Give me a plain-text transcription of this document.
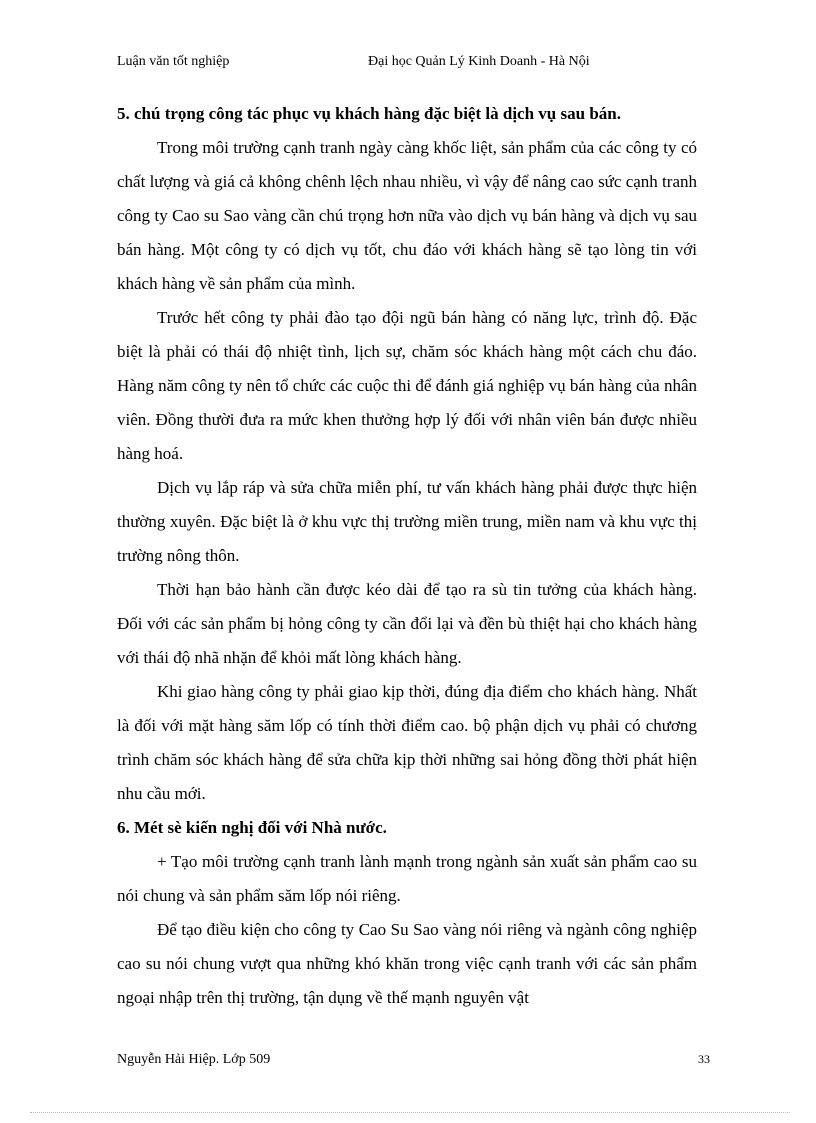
Luận văn tốt nghiệp	Đại học Quản Lý Kinh Doanh - Hà Nội
5. chú trọng công tác phục vụ khách hàng đặc biệt là dịch vụ sau bán.

Trong môi trường cạnh tranh ngày càng khốc liệt, sản phẩm của các công ty có chất lượng và giá cả không chênh lệch nhau nhiều, vì vậy để nâng cao sức cạnh tranh công ty Cao su Sao vàng cần chú trọng hơn nữa vào dịch vụ bán hàng và dịch vụ sau bán hàng. Một công ty có dịch vụ tốt, chu đáo với khách hàng sẽ tạo lòng tin với khách hàng về sản phẩm của mình.

Trước hết công ty phải đào tạo đội ngũ bán hàng có năng lực, trình độ. Đặc biệt là phải có thái độ nhiệt tình, lịch sự, chăm sóc khách hàng một cách chu đáo. Hàng năm công ty nên tổ chức các cuộc thi để đánh giá nghiệp vụ bán hàng của nhân viên. Đồng thười đưa ra mức khen thưởng hợp lý đối với nhân viên bán được nhiều hàng hoá.

Dịch vụ lắp ráp và sửa chữa miễn phí, tư vấn khách hàng phải được thực hiện thường xuyên. Đặc biệt là ở khu vực thị trường miền trung, miền nam và khu vực thị trường nông thôn.

Thời hạn bảo hành cần được kéo dài để tạo ra sù tin tưởng của khách hàng. Đối với các sản phẩm bị hỏng công ty cần đổi lại và đền bù thiệt hại cho khách hàng với thái độ nhã nhặn để khỏi mất lòng khách hàng.

Khi giao hàng công ty phải giao kịp thời, đúng địa điểm cho khách hàng. Nhất là đối với mặt hàng săm lốp có tính thời điểm cao. bộ phận dịch vụ phải có chương trình chăm sóc khách hàng để sửa chữa kịp thời những sai hỏng đồng thời phát hiện nhu cầu mới.

6. Mét sè kiến nghị đối với Nhà nước.

+ Tạo môi trường cạnh tranh lành mạnh trong ngành sản xuất sản phẩm cao su nói chung và sản phẩm săm lốp nói riêng.

Để tạo điều kiện cho công ty Cao Su Sao vàng nói riêng và ngành công nghiệp cao su nói chung vượt qua những khó khăn trong việc cạnh tranh với các sản phẩm ngoại nhập trên thị trường, tận dụng về thế mạnh nguyên vật

Nguyễn Hải Hiệp. Lớp 509	33
